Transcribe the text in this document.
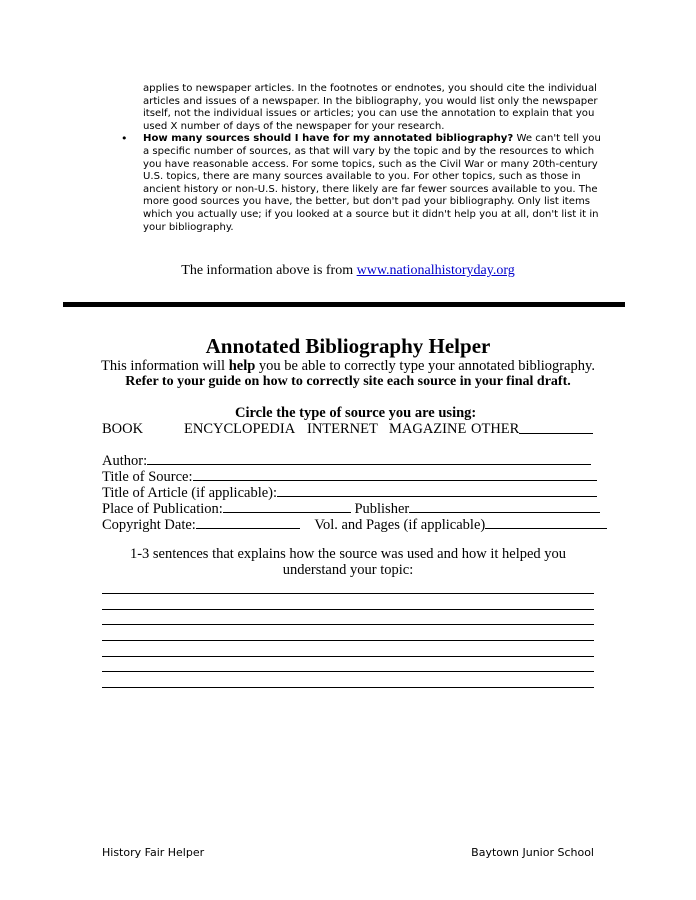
applies to newspaper articles. In the footnotes or endnotes, you should cite the individual articles and issues of a newspaper. In the bibliography, you would list only the newspaper itself, not the individual issues or articles; you can use the annotation to explain that you used X number of days of the newspaper for your research.

• How many sources should I have for my annotated bibliography? We can't tell you a specific number of sources, as that will vary by the topic and by the resources to which you have reasonable access. For some topics, such as the Civil War or many 20th-century U.S. topics, there are many sources available to you. For other topics, such as those in ancient history or non-U.S. history, there likely are far fewer sources available to you. The more good sources you have, the better, but don't pad your bibliography. Only list items which you actually use; if you looked at a source but it didn't help you at all, don't list it in your bibliography.
The information above is from www.nationalhistoryday.org
Annotated Bibliography Helper
This information will help you be able to correctly type your annotated bibliography.
Refer to your guide on how to correctly site each source in your final draft.
Circle the type of source you are using:
BOOK	ENCYCLOPEDIA INTERNET MAGAZINE OTHER
Author:
Title of Source:
Title of Article (if applicable):
Place of Publication:	Publisher
Copyright Date:	Vol. and Pages (if applicable)
1-3 sentences that explains how the source was used and how it helped you understand your topic:
History Fair Helper	Baytown Junior School
